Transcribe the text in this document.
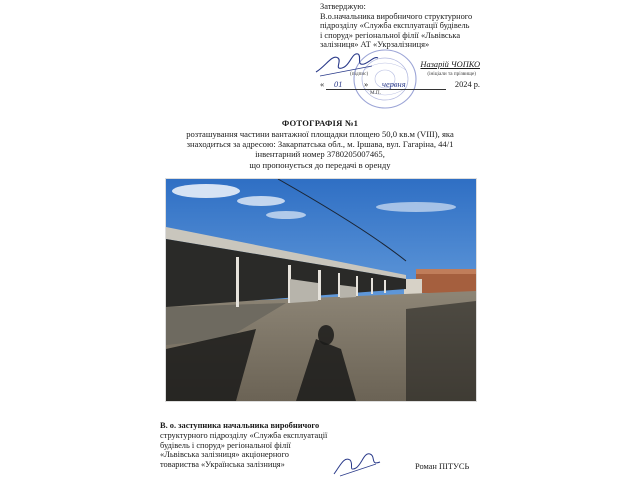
Затверджую:
В.о.начальника виробничого структурного
підрозділу «Служба експлуатації будівель
і споруд» регіональної філії «Львівська
залізниця» АТ «Укрзалізниця»
Назарій ЧОПКО
(підпис)	(ініціали та прізвище)
« 01	» червня	2024 р.
М.П.
ФОТОГРАФІЯ №1
розташування частини вантажної площадки площею 50,0 кв.м (VIII), яка
знаходиться за адресою: Закарпатська обл., м. Іршава, вул. Гагаріна, 44/1
інвентарний номер 3780205007465,
що пропонується до передачі в оренду
В. о. заступника начальника виробничого
структурного підрозділу «Служба експлуатації
будівель і споруд» регіональної філії
«Львівська залізниця» акціонерного
товариства «Українська залізниця»	Роман ПІТУСЬ
